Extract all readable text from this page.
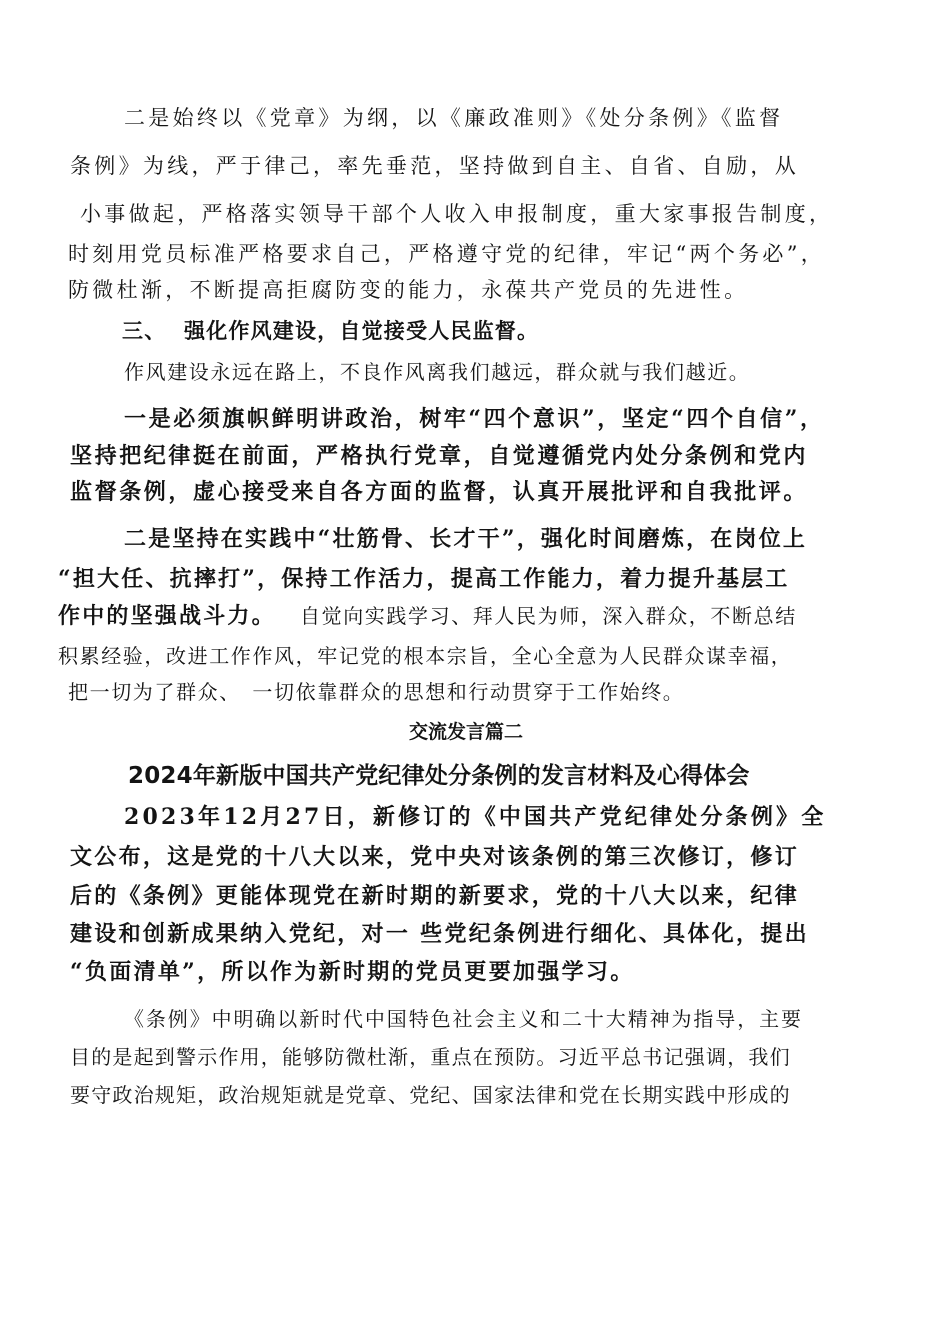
二是始终以《党章》为纲，以《廉政准则》《处分条例》《监督

条例》为线，严于律己，率先垂范，坚持做到自主、自省、自励，从

小事做起，严格落实领导干部个人收入申报制度，重大家事报告制度，

时刻用党员标准严格要求自己，严格遵守党的纪律，牢记“两个务必”，

防微杜渐，不断提高拒腐防变的能力，永葆共产党员的先进性。

三、 强化作风建设，自觉接受人民监督。

作风建设永远在路上，不良作风离我们越远，群众就与我们越近。

一是必须旗帜鲜明讲政治，树牢“四个意识”，坚定“四个自信”，

坚持把纪律挺在前面，严格执行党章，自觉遵循党内处分条例和党内

监督条例，虚心接受来自各方面的监督，认真开展批评和自我批评。

二是坚持在实践中“壮筋骨、长才干”，强化时间磨炼，在岗位上

“担大任、抗摔打”，保持工作活力，提高工作能力，着力提升基层工

作中的坚强战斗力。 自觉向实践学习、拜人民为师，深入群众，不断总结

积累经验，改进工作作风，牢记党的根本宗旨，全心全意为人民群众谋幸福，

把一切为了群众、　一切依靠群众的思想和行动贯穿于工作始终。

交流发言篇二

2024年新版中国共产党纪律处分条例的发言材料及心得体会

2023年12月27日，新修订的《中国共产党纪律处分条例》全

文公布，这是党的十八大以来，党中央对该条例的第三次修订，修订

后的《条例》更能体现党在新时期的新要求，党的十八大以来，纪律

建设和创新成果纳入党纪，对一 些党纪条例进行细化、具体化，提出

“负面清单”，所以作为新时期的党员更要加强学习。

《条例》中明确以新时代中国特色社会主义和二十大精神为指导，主要

目的是起到警示作用，能够防微杜渐，重点在预防。习近平总书记强调，我们

要守政治规矩，政治规矩就是党章、党纪、国家法律和党在长期实践中形成的
